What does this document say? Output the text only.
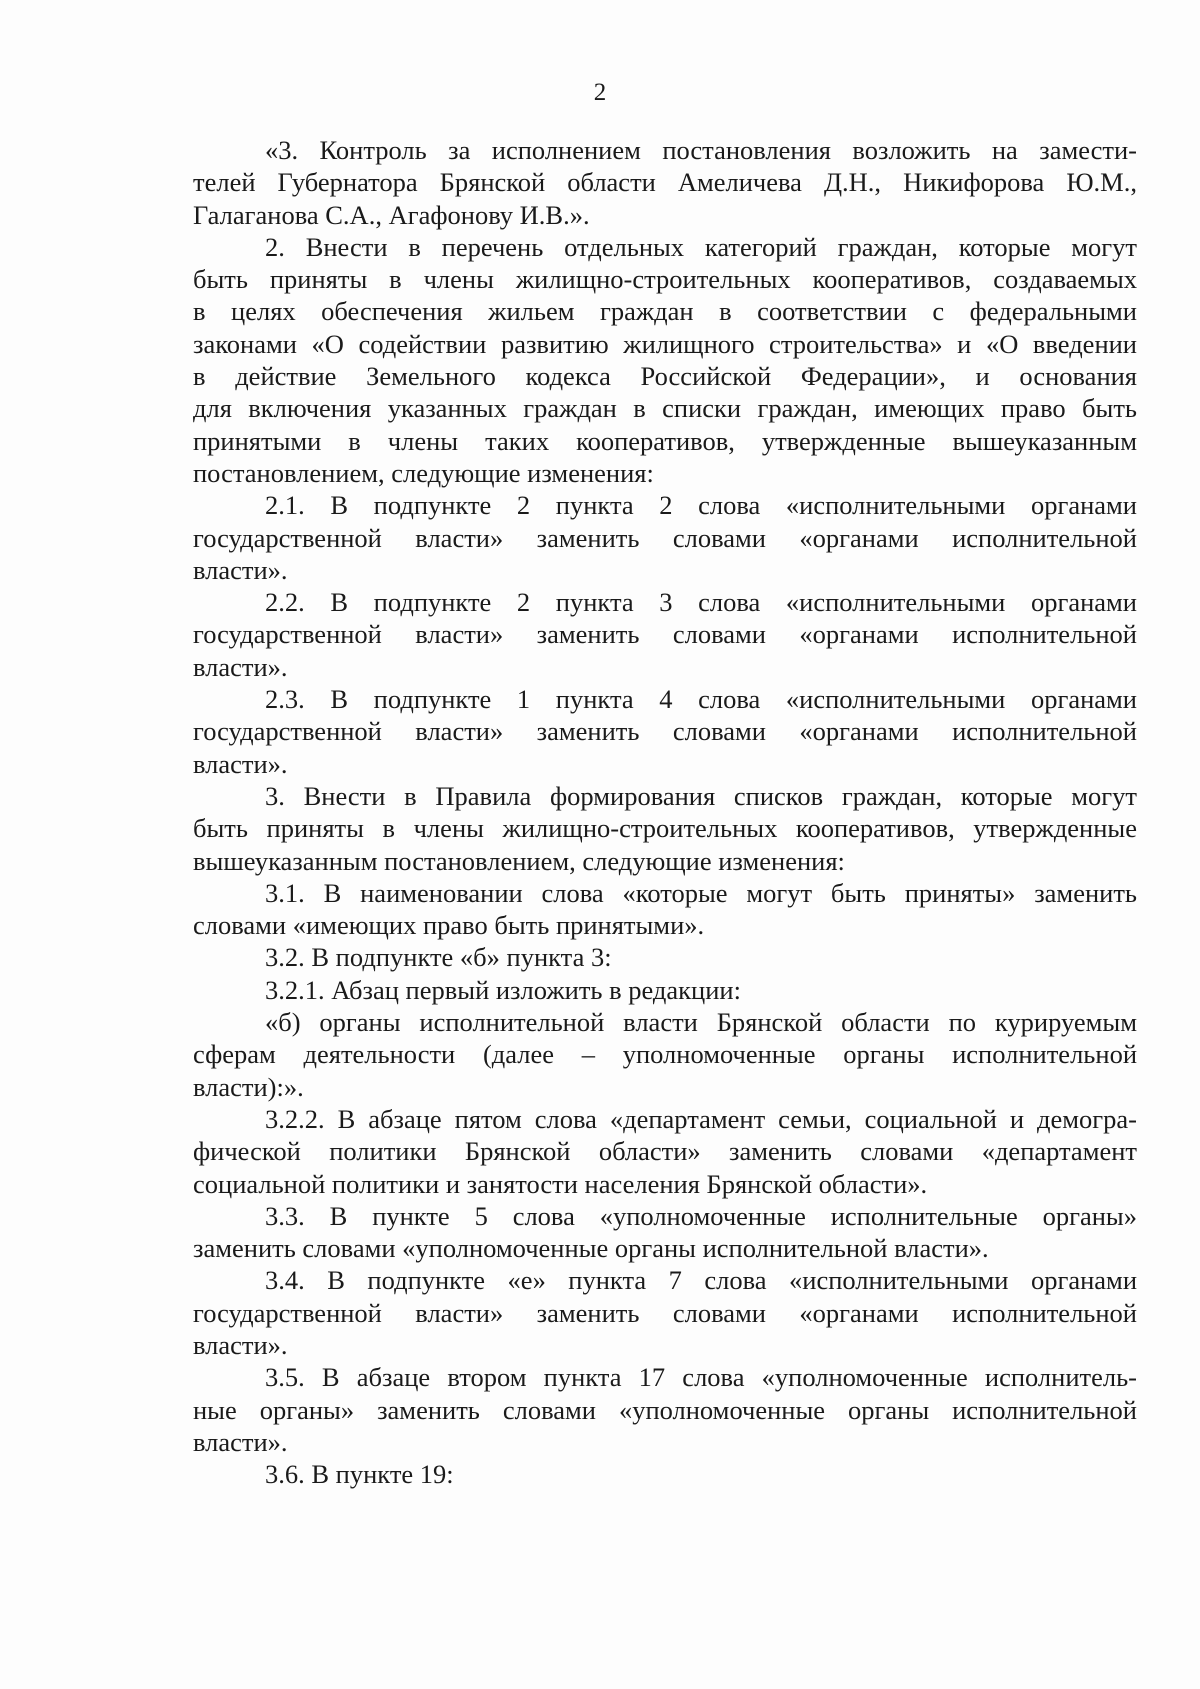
2
«3. Контроль за исполнением постановления возложить на замести-
телей Губернатора Брянской области Амеличева Д.Н., Никифорова Ю.М.,
Галаганова С.А., Агафонову И.В.».
2. Внести в перечень отдельных категорий граждан, которые могут
быть приняты в члены жилищно-строительных кооперативов, создаваемых
в целях обеспечения жильем граждан в соответствии с федеральными
законами «О содействии развитию жилищного строительства» и «О введении
в действие Земельного кодекса Российской Федерации», и основания
для включения указанных граждан в списки граждан, имеющих право быть
принятыми в члены таких кооперативов, утвержденные вышеуказанным
постановлением, следующие изменения:
2.1. В подпункте 2 пункта 2 слова «исполнительными органами
государственной власти» заменить словами «органами исполнительной
власти».
2.2. В подпункте 2 пункта 3 слова «исполнительными органами
государственной власти» заменить словами «органами исполнительной
власти».
2.3. В подпункте 1 пункта 4 слова «исполнительными органами
государственной власти» заменить словами «органами исполнительной
власти».
3. Внести в Правила формирования списков граждан, которые могут
быть приняты в члены жилищно-строительных кооперативов, утвержденные
вышеуказанным постановлением, следующие изменения:
3.1. В наименовании слова «которые могут быть приняты» заменить
словами «имеющих право быть принятыми».
3.2. В подпункте «б» пункта 3:
3.2.1. Абзац первый изложить в редакции:
«б) органы исполнительной власти Брянской области по курируемым
сферам деятельности (далее – уполномоченные органы исполнительной
власти):».
3.2.2. В абзаце пятом слова «департамент семьи, социальной и демогра-
фической политики Брянской области» заменить словами «департамент
социальной политики и занятости населения Брянской области».
3.3. В пункте 5 слова «уполномоченные исполнительные органы»
заменить словами «уполномоченные органы исполнительной власти».
3.4. В подпункте «е» пункта 7 слова «исполнительными органами
государственной власти» заменить словами «органами исполнительной
власти».
3.5. В абзаце втором пункта 17 слова «уполномоченные исполнитель-
ные органы» заменить словами «уполномоченные органы исполнительной
власти».
3.6. В пункте 19:
